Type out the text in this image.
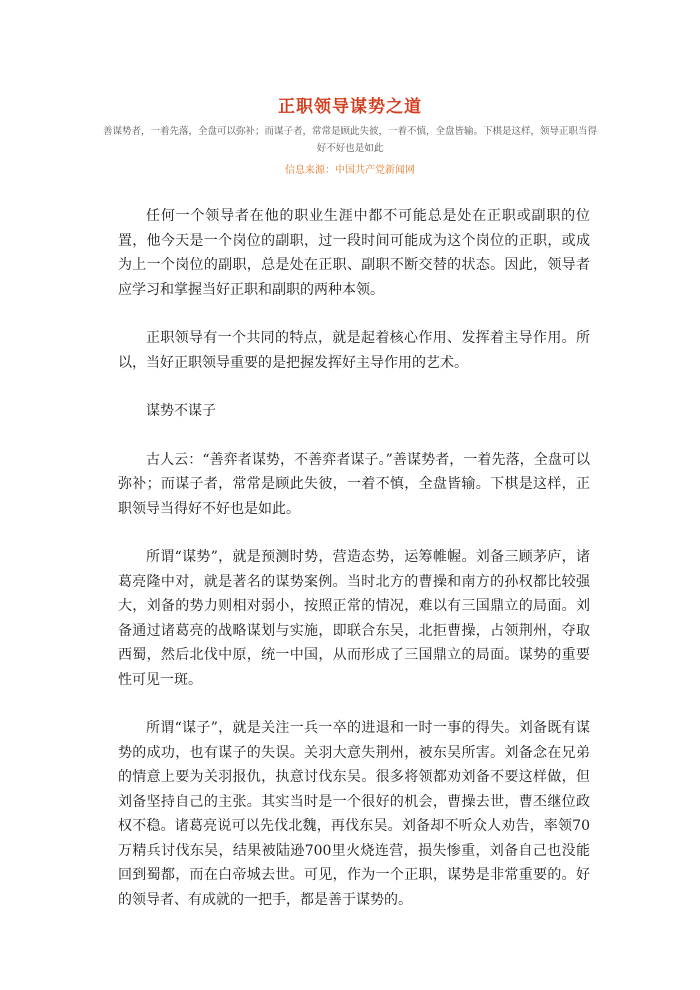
正职领导谋势之道
善谋势者，一着先落，全盘可以弥补；而谋子者，常常是顾此失彼，一着不慎，全盘皆输。下棋是这样，领导正职当得好不好也是如此
信息来源：中国共产党新闻网

任何一个领导者在他的职业生涯中都不可能总是处在正职或副职的位置，他今天是一个岗位的副职，过一段时间可能成为这个岗位的正职，或成为上一个岗位的副职，总是处在正职、副职不断交替的状态。因此，领导者应学习和掌握当好正职和副职的两种本领。

正职领导有一个共同的特点，就是起着核心作用、发挥着主导作用。所以，当好正职领导重要的是把握发挥好主导作用的艺术。

谋势不谋子

古人云：“善弈者谋势，不善弈者谋子。”善谋势者，一着先落，全盘可以弥补；而谋子者，常常是顾此失彼，一着不慎，全盘皆输。下棋是这样，正职领导当得好不好也是如此。

所谓“谋势”，就是预测时势，营造态势，运筹帷幄。刘备三顾茅庐，诸葛亮隆中对，就是著名的谋势案例。当时北方的曹操和南方的孙权都比较强大，刘备的势力则相对弱小，按照正常的情况，难以有三国鼎立的局面。刘备通过诸葛亮的战略谋划与实施，即联合东吴，北拒曹操，占领荆州，夺取西蜀，然后北伐中原，统一中国，从而形成了三国鼎立的局面。谋势的重要性可见一斑。

所谓“谋子”，就是关注一兵一卒的进退和一时一事的得失。刘备既有谋势的成功，也有谋子的失误。关羽大意失荆州，被东吴所害。刘备念在兄弟的情意上要为关羽报仇，执意讨伐东吴。很多将领都劝刘备不要这样做，但刘备坚持自己的主张。其实当时是一个很好的机会，曹操去世，曹丕继位政权不稳。诸葛亮说可以先伐北魏，再伐东吴。刘备却不听众人劝告，率领70万精兵讨伐东吴，结果被陆逊700里火烧连营，损失惨重，刘备自己也没能回到蜀都，而在白帝城去世。可见，作为一个正职，谋势是非常重要的。好的领导者、有成就的一把手，都是善于谋势的。
